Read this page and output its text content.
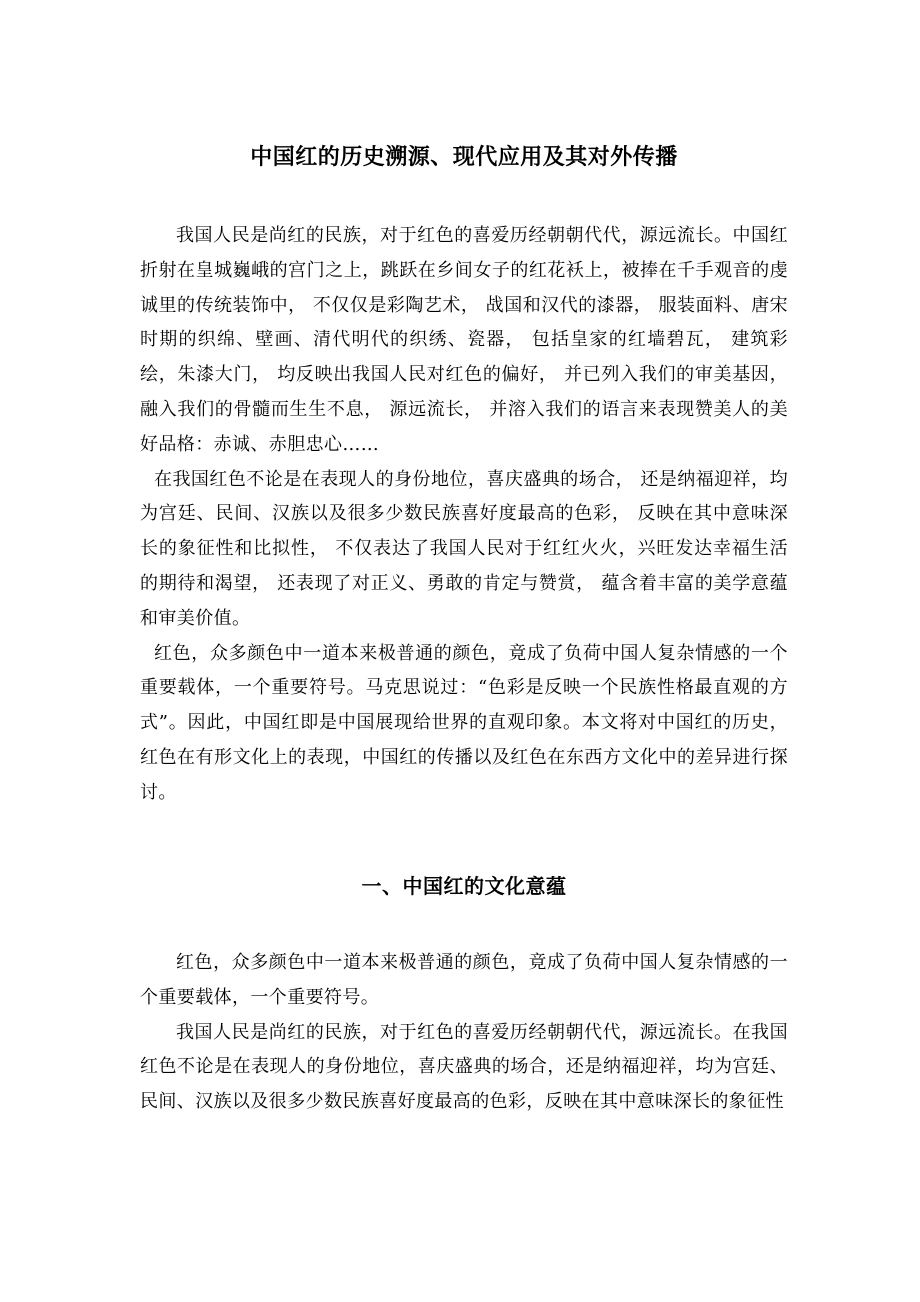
中国红的历史溯源、现代应用及其对外传播

我国人民是尚红的民族，对于红色的喜爱历经朝朝代代，源远流长。中国红折射在皇城巍峨的宫门之上，跳跃在乡间女子的红花袄上，被捧在千手观音的虔诚里的传统装饰中， 不仅仅是彩陶艺术， 战国和汉代的漆器， 服装面料、唐宋时期的织绵、壁画、清代明代的织绣、瓷器， 包括皇家的红墙碧瓦， 建筑彩绘，朱漆大门， 均反映出我国人民对红色的偏好， 并已列入我们的审美基因， 融入我们的骨髓而生生不息， 源远流长， 并溶入我们的语言来表现赞美人的美好品格：赤诚、赤胆忠心……

在我国红色不论是在表现人的身份地位，喜庆盛典的场合， 还是纳福迎祥，均为宫廷、民间、汉族以及很多少数民族喜好度最高的色彩， 反映在其中意味深长的象征性和比拟性， 不仅表达了我国人民对于红红火火，兴旺发达幸福生活的期待和渴望， 还表现了对正义、勇敢的肯定与赞赏， 蕴含着丰富的美学意蕴和审美价值。

红色，众多颜色中一道本来极普通的颜色，竟成了负荷中国人复杂情感的一个重要载体，一个重要符号。马克思说过：“色彩是反映一个民族性格最直观的方式”。因此，中国红即是中国展现给世界的直观印象。本文将对中国红的历史，红色在有形文化上的表现，中国红的传播以及红色在东西方文化中的差异进行探讨。

一、中国红的文化意蕴

红色，众多颜色中一道本来极普通的颜色，竟成了负荷中国人复杂情感的一个重要载体，一个重要符号。

我国人民是尚红的民族，对于红色的喜爱历经朝朝代代，源远流长。在我国红色不论是在表现人的身份地位，喜庆盛典的场合，还是纳福迎祥，均为宫廷、民间、汉族以及很多少数民族喜好度最高的色彩，反映在其中意味深长的象征性
